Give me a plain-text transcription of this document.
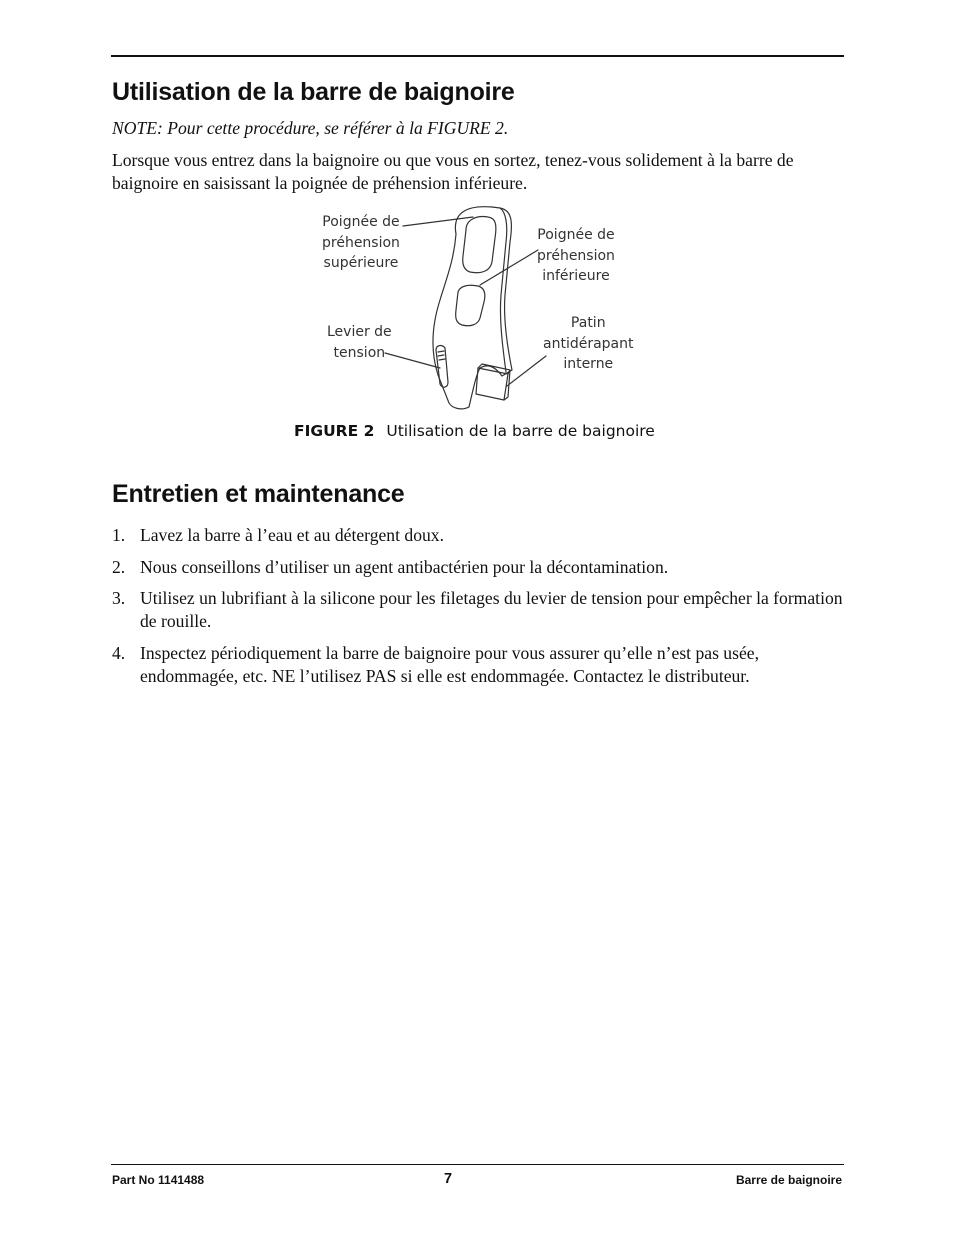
Utilisation de la barre de baignoire
NOTE: Pour cette procédure, se référer à la FIGURE 2.
Lorsque vous entrez dans la baignoire ou que vous en sortez, tenez-vous solidement à la barre de baignoire en saisissant la poignée de préhension inférieure.
Poignée de
préhension
supérieure
Poignée de
préhension
inférieure
Levier de
tension
Patin
antidérapant
interne
FIGURE 2 Utilisation de la barre de baignoire
Entretien et maintenance
1. Lavez la barre à l’eau et au détergent doux.
2. Nous conseillons d’utiliser un agent antibactérien pour la décontamination.
3. Utilisez un lubrifiant à la silicone pour les filetages du levier de tension pour empêcher la formation de rouille.
4. Inspectez périodiquement la barre de baignoire pour vous assurer qu’elle n’est pas usée, endommagée, etc. NE l’utilisez PAS si elle est endommagée. Contactez le distributeur.
Part No 1141488	7	Barre de baignoire
